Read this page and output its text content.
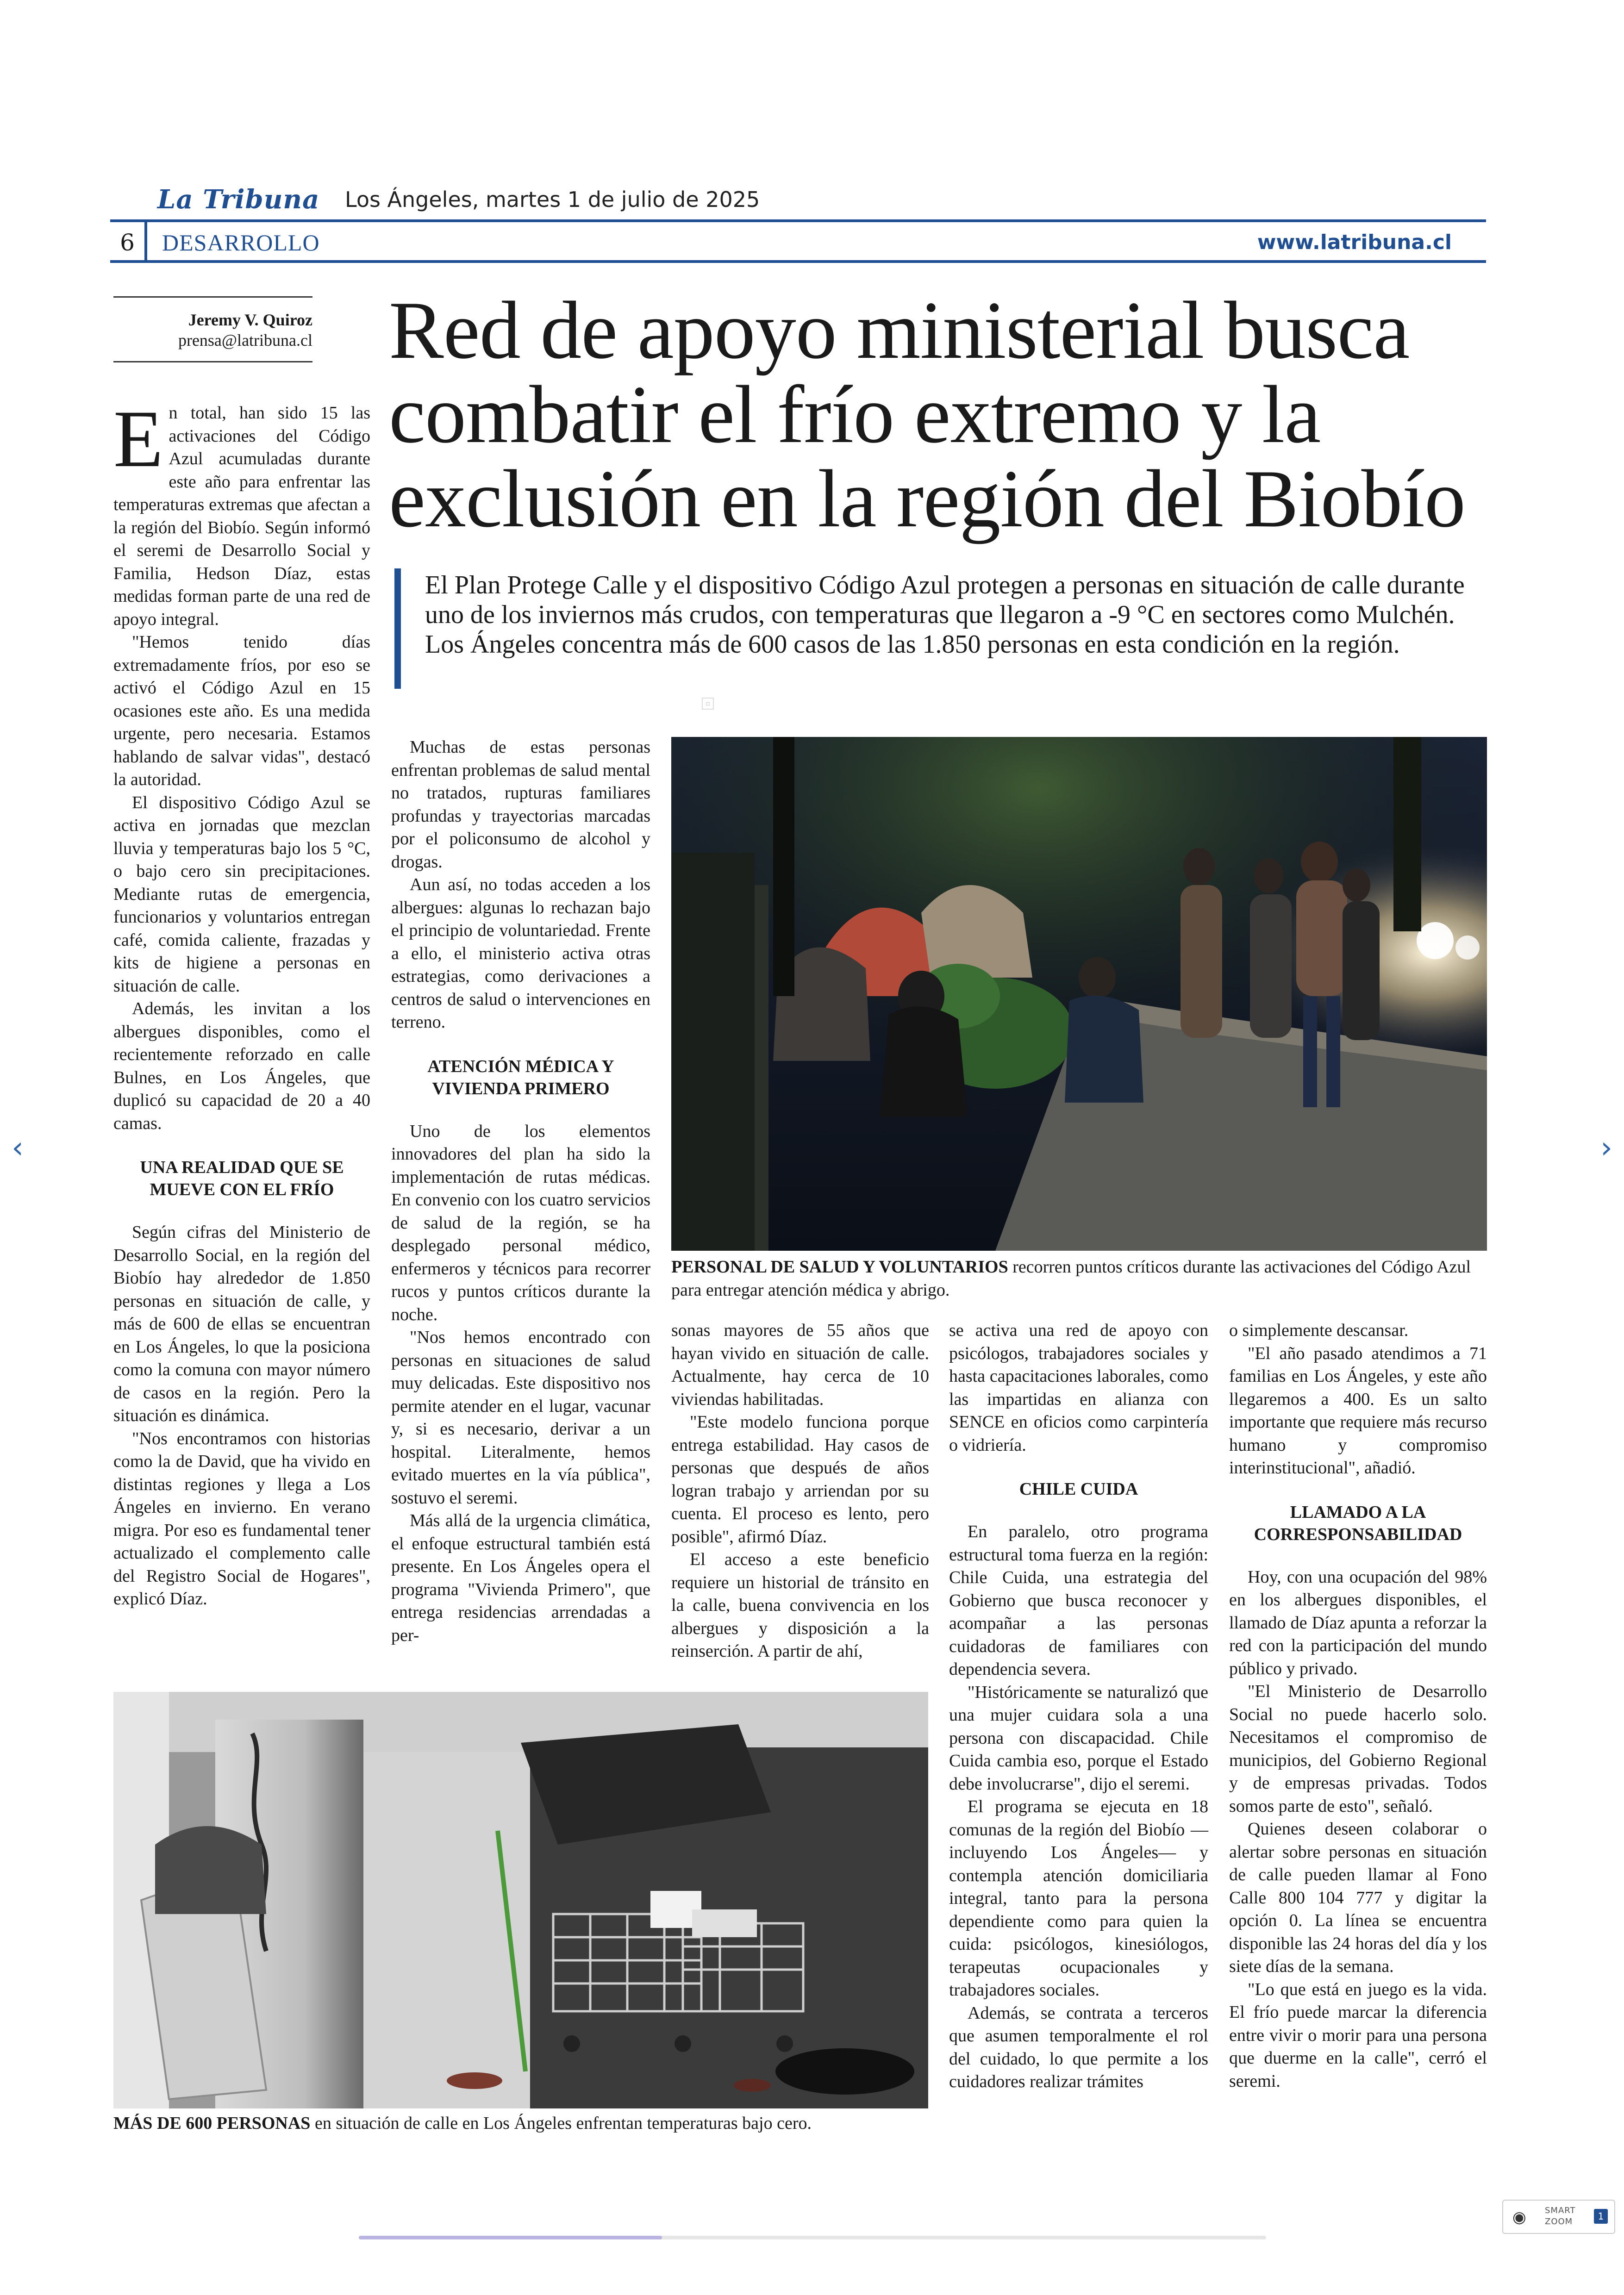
‹	›
La Tribuna Los Ángeles, martes 1 de julio de 2025
6	DESARROLLO	www.latribuna.cl
Jeremy V. Quiroz
prensa@latribuna.cl Red de apoyo ministerial busca combatir el frío extremo y la exclusión en la región del Biobío
El Plan Protege Calle y el dispositivo Código Azul protegen a personas en situación de calle durante uno de los inviernos más crudos, con temperaturas que llegaron a -9 °C en sectores como Mulchén. Los Ángeles concentra más de 600 casos de las 1.850 personas en esta condición en la región.
▫

En total, han sido 15 las activaciones del Código Azul acumuladas durante este año para enfrentar las temperaturas extremas que afectan a la región del Biobío. Según informó el seremi de Desarrollo Social y Familia, Hedson Díaz, estas medidas forman parte de una red de apoyo integral.

"Hemos tenido días extremadamente fríos, por eso se activó el Código Azul en 15 ocasiones este año. Es una medida urgente, pero necesaria. Estamos hablando de salvar vidas", destacó la autoridad.

El dispositivo Código Azul se activa en jornadas que mezclan lluvia y temperaturas bajo los 5 °C, o bajo cero sin precipitaciones. Mediante rutas de emergencia, funcionarios y voluntarios entregan café, comida caliente, frazadas y kits de higiene a personas en situación de calle.

Además, les invitan a los albergues disponibles, como el recientemente reforzado en calle Bulnes, en Los Ángeles, que duplicó su capacidad de 20 a 40 camas.

UNA REALIDAD QUE SE MUEVE CON EL FRÍO

Según cifras del Ministerio de Desarrollo Social, en la región del Biobío hay alrededor de 1.850 personas en situación de calle, y más de 600 de ellas se encuentran en Los Ángeles, lo que la posiciona como la comuna con mayor número de casos en la región. Pero la situación es dinámica.

"Nos encontramos con historias como la de David, que ha vivido en distintas regiones y llega a Los Ángeles en invierno. En verano migra. Por eso es fundamental tener actualizado el complemento calle del Registro Social de Hogares", explicó Díaz.

Muchas de estas personas enfrentan problemas de salud mental no tratados, rupturas familiares profundas y trayectorias marcadas por el policonsumo de alcohol y drogas.

Aun así, no todas acceden a los albergues: algunas lo rechazan bajo el principio de voluntariedad. Frente a ello, el ministerio activa otras estrategias, como derivaciones a centros de salud o intervenciones en terreno.

ATENCIÓN MÉDICA Y VIVIENDA PRIMERO

Uno de los elementos innovadores del plan ha sido la implementación de rutas médicas. En convenio con los cuatro servicios de salud de la región, se ha desplegado personal médico, enfermeros y técnicos para recorrer rucos y puntos críticos durante la noche.

"Nos hemos encontrado con personas en situaciones de salud muy delicadas. Este dispositivo nos permite atender en el lugar, vacunar y, si es necesario, derivar a un hospital. Literalmente, hemos evitado muertes en la vía pública", sostuvo el seremi.

Más allá de la urgencia climática, el enfoque estructural también está presente. En Los Ángeles opera el programa "Vivienda Primero", que entrega residencias arrendadas a per-

PERSONAL DE SALUD Y VOLUNTARIOS recorren puntos críticos durante las activaciones del Código Azul para entregar atención médica y abrigo.

sonas mayores de 55 años que hayan vivido en situación de calle. Actualmente, hay cerca de 10 viviendas habilitadas.

"Este modelo funciona porque entrega estabilidad. Hay casos de personas que después de años logran trabajo y arriendan por su cuenta. El proceso es lento, pero posible", afirmó Díaz.

El acceso a este beneficio requiere un historial de tránsito en la calle, buena convivencia en los albergues y disposición a la reinserción. A partir de ahí,

se activa una red de apoyo con psicólogos, trabajadores sociales y hasta capacitaciones laborales, como las impartidas en alianza con SENCE en oficios como carpintería o vidriería.

CHILE CUIDA

En paralelo, otro programa estructural toma fuerza en la región: Chile Cuida, una estrategia del Gobierno que busca reconocer y acompañar a las personas cuidadoras de familiares con dependencia severa.

"Históricamente se naturalizó que una mujer cuidara sola a una persona con discapacidad. Chile Cuida cambia eso, porque el Estado debe involucrarse", dijo el seremi.

El programa se ejecuta en 18 comunas de la región del Biobío —incluyendo Los Ángeles— y contempla atención domiciliaria integral, tanto para la persona dependiente como para quien la cuida: psicólogos, kinesiólogos, terapeutas ocupacionales y trabajadores sociales.

Además, se contrata a terceros que asumen temporalmente el rol del cuidado, lo que permite a los cuidadores realizar trámites

o simplemente descansar.

"El año pasado atendimos a 71 familias en Los Ángeles, y este año llegaremos a 400. Es un salto importante que requiere más recurso humano y compromiso interinstitucional", añadió.

LLAMADO A LA CORRESPONSABILIDAD

Hoy, con una ocupación del 98% en los albergues disponibles, el llamado de Díaz apunta a reforzar la red con la participación del mundo público y privado.

"El Ministerio de Desarrollo Social no puede hacerlo solo. Necesitamos el compromiso de municipios, del Gobierno Regional y de empresas privadas. Todos somos parte de esto", señaló.

Quienes deseen colaborar o alertar sobre personas en situación de calle pueden llamar al Fono Calle 800 104 777 y digitar la opción 0. La línea se encuentra disponible las 24 horas del día y los siete días de la semana.

"Lo que está en juego es la vida. El frío puede marcar la diferencia entre vivir o morir para una persona que duerme en la calle", cerró el seremi.

MÁS DE 600 PERSONAS en situación de calle en Los Ángeles enfrentan temperaturas bajo cero.
◉ SMART
ZOOM	1
